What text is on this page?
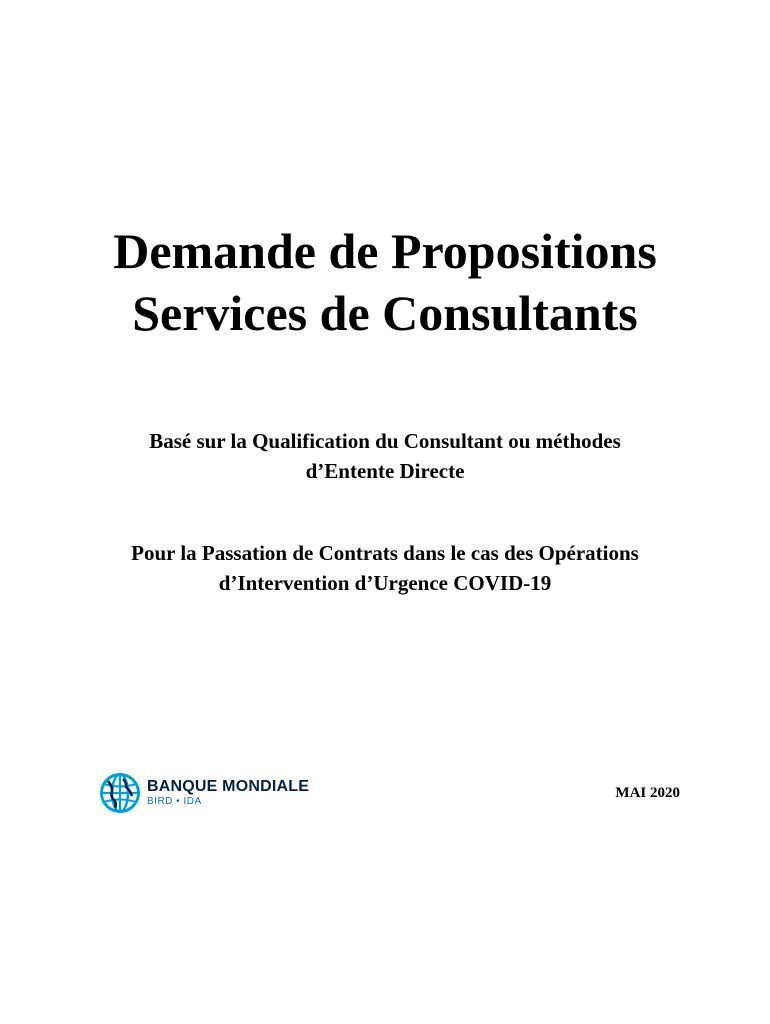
Demande de Propositions
Services de Consultants
Basé sur la Qualification du Consultant ou méthodes
d’Entente Directe
Pour la Passation de Contrats dans le cas des Opérations
d’Intervention d’Urgence COVID-19
BANQUE MONDIALE
BIRD • IDA
MAI 2020
